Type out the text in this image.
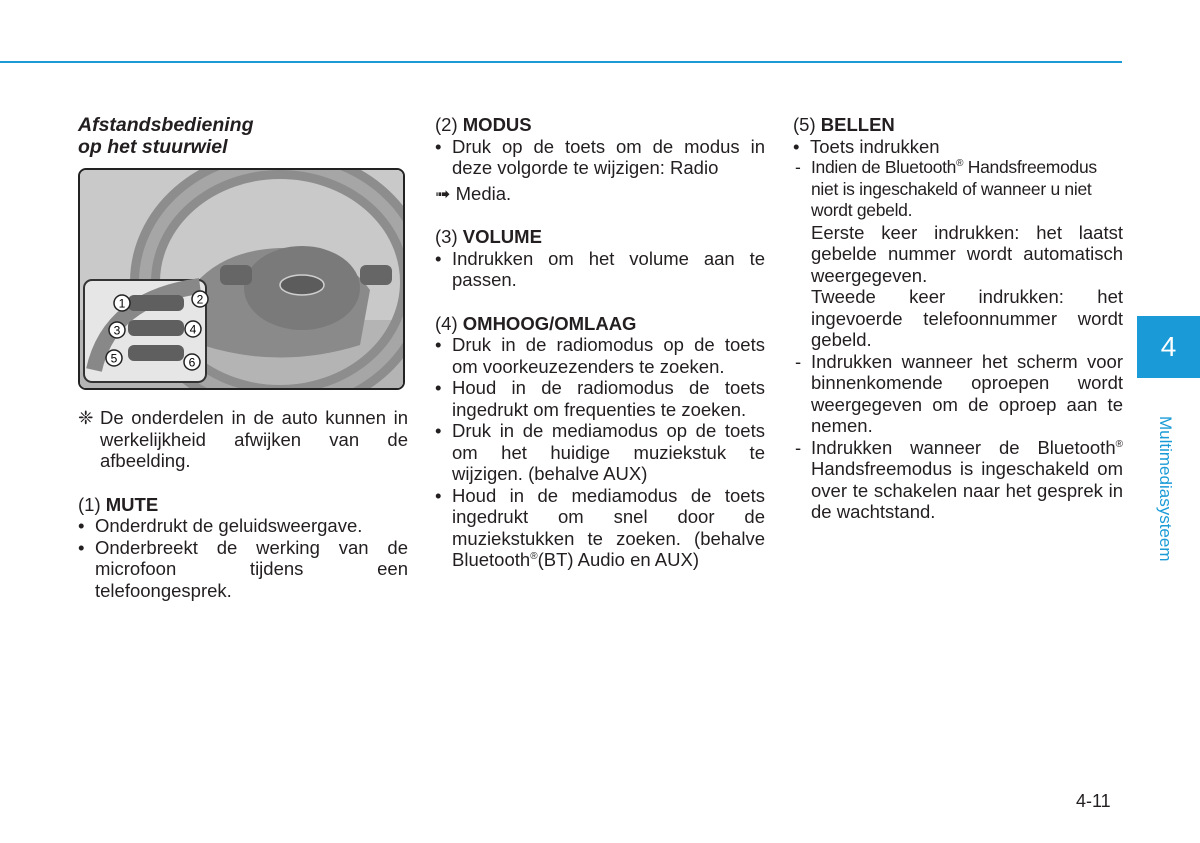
Afstandsbediening
op het stuurwiel

1	2
3	4
5	6

❈ De onderdelen in de auto kunnen in werkelijkheid afwijken van de afbeelding.

(1) MUTE

• Onderdrukt de geluidsweergave.

• Onderbreekt de werking van de microfoon tijdens een telefoongesprek.

(2) MODUS

• Druk op de toets om de modus in deze volgorde te wijzigen: Radio

➟ Media.

(3) VOLUME

• Indrukken om het volume aan te passen.

(4) OMHOOG/OMLAAG

• Druk in de radiomodus op de toets om voorkeuzezenders te zoeken.

• Houd in de radiomodus de toets ingedrukt om frequenties te zoeken.

• Druk in de mediamodus op de toets om het huidige muziekstuk te wijzigen. (behalve AUX)

• Houd in de mediamodus de toets ingedrukt om snel door de muziekstukken te zoeken. (behalve Bluetooth®(BT) Audio en AUX)

(5) BELLEN

• Toets indrukken

- Indien de Bluetooth® Handsfreemodus niet is ingeschakeld of wanneer u niet wordt gebeld.

Eerste keer indrukken: het laatst gebelde nummer wordt automatisch weergegeven.

Tweede keer indrukken: het ingevoerde telefoonnummer wordt gebeld.

- Indrukken wanneer het scherm voor binnenkomende oproepen wordt weergegeven om de oproep aan te nemen.

- Indrukken wanneer de Bluetooth® Handsfreemodus is ingeschakeld om over te schakelen naar het gesprek in de wachtstand.

4
Multimediasysteem
4-11
